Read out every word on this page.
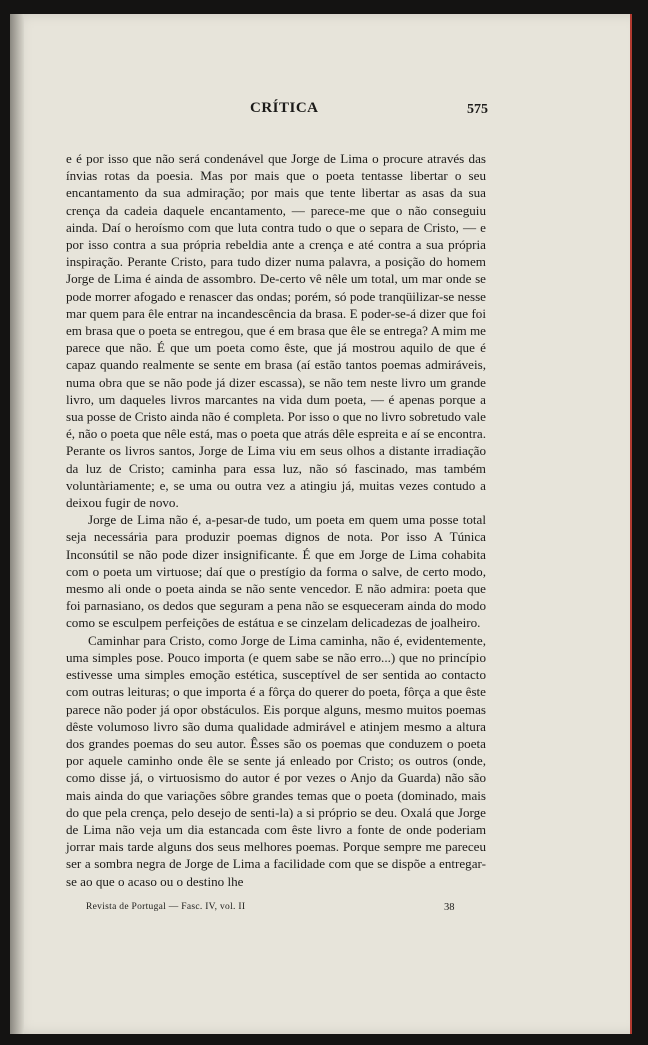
CRÍTICA	575

e é por isso que não será condenável que Jorge de Lima o procure através das ínvias rotas da poesia. Mas por mais que o poeta tentasse libertar o seu encantamento da sua admiração; por mais que tente libertar as asas da sua crença da cadeia daquele encantamento, — parece-me que o não conseguiu ainda. Daí o heroísmo com que luta contra tudo o que o separa de Cristo, — e por isso contra a sua própria rebeldia ante a crença e até contra a sua própria inspiração. Perante Cristo, para tudo dizer numa palavra, a posição do homem Jorge de Lima é ainda de assombro. De-certo vê nêle um total, um mar onde se pode morrer afogado e renascer das ondas; porém, só pode tranqüilizar-se nesse mar quem para êle entrar na incandescência da brasa. E poder-se-á dizer que foi em brasa que o poeta se entregou, que é em brasa que êle se entrega? A mim me parece que não. É que um poeta como êste, que já mostrou aquilo de que é capaz quando realmente se sente em brasa (aí estão tantos poemas admiráveis, numa obra que se não pode já dizer escassa), se não tem neste livro um grande livro, um daqueles livros marcantes na vida dum poeta, — é apenas porque a sua posse de Cristo ainda não é completa. Por isso o que no livro sobretudo vale é, não o poeta que nêle está, mas o poeta que atrás dêle espreita e aí se encontra. Perante os livros santos, Jorge de Lima viu em seus olhos a distante irradiação da luz de Cristo; caminha para essa luz, não só fascinado, mas também voluntàriamente; e, se uma ou outra vez a atingiu já, muitas vezes contudo a deixou fugir de novo.

Jorge de Lima não é, a-pesar-de tudo, um poeta em quem uma posse total seja necessária para produzir poemas dignos de nota. Por isso A Túnica Inconsútil se não pode dizer insignificante. É que em Jorge de Lima cohabita com o poeta um virtuose; daí que o prestígio da forma o salve, de certo modo, mesmo ali onde o poeta ainda se não sente vencedor. E não admira: poeta que foi parnasiano, os dedos que seguram a pena não se esqueceram ainda do modo como se esculpem perfeições de estátua e se cinzelam delicadezas de joalheiro.

Caminhar para Cristo, como Jorge de Lima caminha, não é, evidentemente, uma simples pose. Pouco importa (e quem sabe se não erro...) que no princípio estivesse uma simples emoção estética, susceptível de ser sentida ao contacto com outras leituras; o que importa é a fôrça do querer do poeta, fôrça a que êste parece não poder já opor obstáculos. Eis porque alguns, mesmo muitos poemas dêste volumoso livro são duma qualidade admirável e atinjem mesmo a altura dos grandes poemas do seu autor. Êsses são os poemas que conduzem o poeta por aquele caminho onde êle se sente já enleado por Cristo; os outros (onde, como disse já, o virtuosismo do autor é por vezes o Anjo da Guarda) não são mais ainda do que variações sôbre grandes temas que o poeta (dominado, mais do que pela crença, pelo desejo de senti-la) a si próprio se deu. Oxalá que Jorge de Lima não veja um dia estancada com êste livro a fonte de onde poderiam jorrar mais tarde alguns dos seus melhores poemas. Porque sempre me pareceu ser a sombra negra de Jorge de Lima a facilidade com que se dispõe a entregar-se ao que o acaso ou o destino lhe

Revista de Portugal — Fasc. IV, vol. II	38
